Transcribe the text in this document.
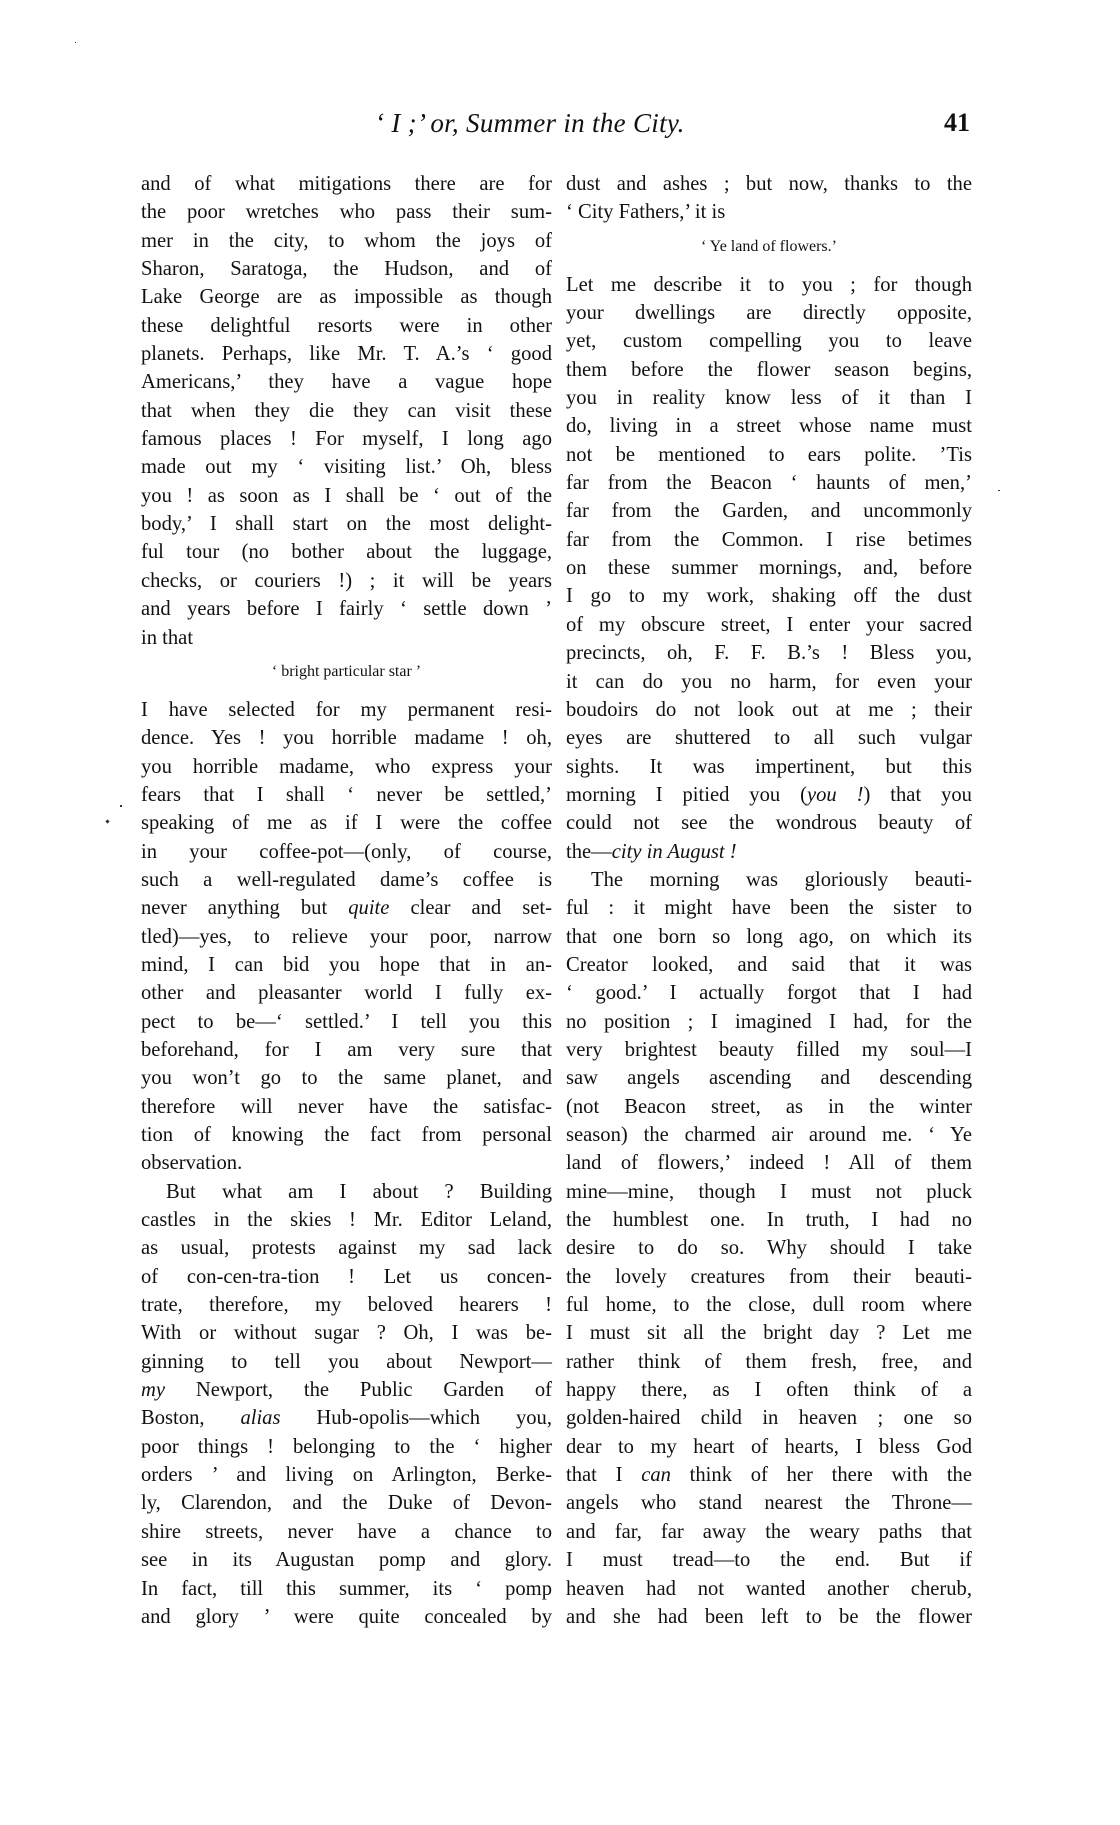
‘ I ;’ or, Summer in the City.	41
and of what mitigations there are for
the poor wretches who pass their sum-
mer in the city, to whom the joys of
Sharon, Saratoga, the Hudson, and of
Lake George are as impossible as though
these delightful resorts were in other
planets. Perhaps, like Mr. T. A.’s ‘ good
Americans,’ they have a vague hope
that when they die they can visit these
famous places ! For myself, I long ago
made out my ‘ visiting list.’ Oh, bless
you ! as soon as I shall be ‘ out of the
body,’ I shall start on the most delight-
ful tour (no bother about the luggage,
checks, or couriers !) ; it will be years
and years before I fairly ‘ settle down ’
in that
‘ bright particular star ’
I have selected for my permanent resi-
dence. Yes ! you horrible madame ! oh,
you horrible madame, who express your
fears that I shall ‘ never be settled,’
speaking of me as if I were the coffee
in your coffee-pot—(only, of course,
such a well-regulated dame’s coffee is
never anything but quite clear and set-
tled)—yes, to relieve your poor, narrow
mind, I can bid you hope that in an-
other and pleasanter world I fully ex-
pect to be—‘ settled.’ I tell you this
beforehand, for I am very sure that
you won’t go to the same planet, and
therefore will never have the satisfac-
tion of knowing the fact from personal
observation.
But what am I about ? Building
castles in the skies ! Mr. Editor Leland,
as usual, protests against my sad lack
of con-cen-tra-tion ! Let us concen-
trate, therefore, my beloved hearers !
With or without sugar ? Oh, I was be-
ginning to tell you about Newport—
my Newport, the Public Garden of
Boston, alias Hub-opolis—which you,
poor things ! belonging to the ‘ higher
orders ’ and living on Arlington, Berke-
ly, Clarendon, and the Duke of Devon-
shire streets, never have a chance to
see in its Augustan pomp and glory.
In fact, till this summer, its ‘ pomp
and glory ’ were quite concealed by
dust and ashes ; but now, thanks to the
‘ City Fathers,’ it is
‘ Ye land of flowers.’
Let me describe it to you ; for though
your dwellings are directly opposite,
yet, custom compelling you to leave
them before the flower season begins,
you in reality know less of it than I
do, living in a street whose name must
not be mentioned to ears polite. ’Tis
far from the Beacon ‘ haunts of men,’
far from the Garden, and uncommonly
far from the Common. I rise betimes
on these summer mornings, and, before
I go to my work, shaking off the dust
of my obscure street, I enter your sacred
precincts, oh, F. F. B.’s ! Bless you,
it can do you no harm, for even your
boudoirs do not look out at me ; their
eyes are shuttered to all such vulgar
sights. It was impertinent, but this
morning I pitied you (you !) that you
could not see the wondrous beauty of
the—city in August !
The morning was gloriously beauti-
ful : it might have been the sister to
that one born so long ago, on which its
Creator looked, and said that it was
‘ good.’ I actually forgot that I had
no position ; I imagined I had, for the
very brightest beauty filled my soul—I
saw angels ascending and descending
(not Beacon street, as in the winter
season) the charmed air around me. ‘ Ye
land of flowers,’ indeed ! All of them
mine—mine, though I must not pluck
the humblest one. In truth, I had no
desire to do so. Why should I take
the lovely creatures from their beauti-
ful home, to the close, dull room where
I must sit all the bright day ? Let me
rather think of them fresh, free, and
happy there, as I often think of a
golden-haired child in heaven ; one so
dear to my heart of hearts, I bless God
that I can think of her there with the
angels who stand nearest the Throne—
and far, far away the weary paths that
I must tread—to the end. But if
heaven had not wanted another cherub,
and she had been left to be the flower
